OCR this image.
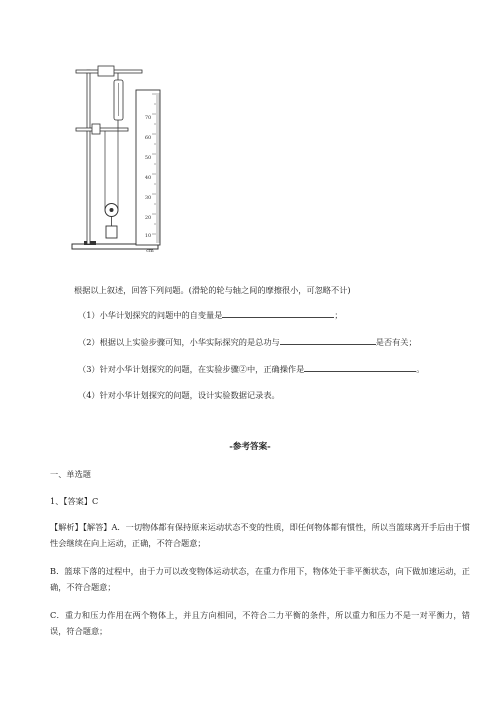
70
60
50
40
30
20
10
cm
根据以上叙述，回答下列问题。(滑轮的轮与轴之间的摩擦很小，可忽略不计)
（1）小华计划探究的问题中的自变量是	；
（2）根据以上实验步骤可知，小华实际探究的是总功与	是否有关；
（3）针对小华计划探究的问题，在实验步骤②中，正确操作是	。
（4）针对小华计划探究的问题，设计实验数据记录表。
-参考答案-
一、单选题
1、【答案】C
【解析】【解答】A．一切物体都有保持原来运动状态不变的性质，即任何物体都有惯性，所以当篮球离开手后由于惯性会继续在向上运动，正确，不符合题意；
B．篮球下落的过程中，由于力可以改变物体运动状态，在重力作用下，物体处于非平衡状态，向下做加速运动，正确，不符合题意；
C．重力和压力作用在两个物体上，并且方向相同，不符合二力平衡的条件，所以重力和压力不是一对平衡力，错误，符合题意；
